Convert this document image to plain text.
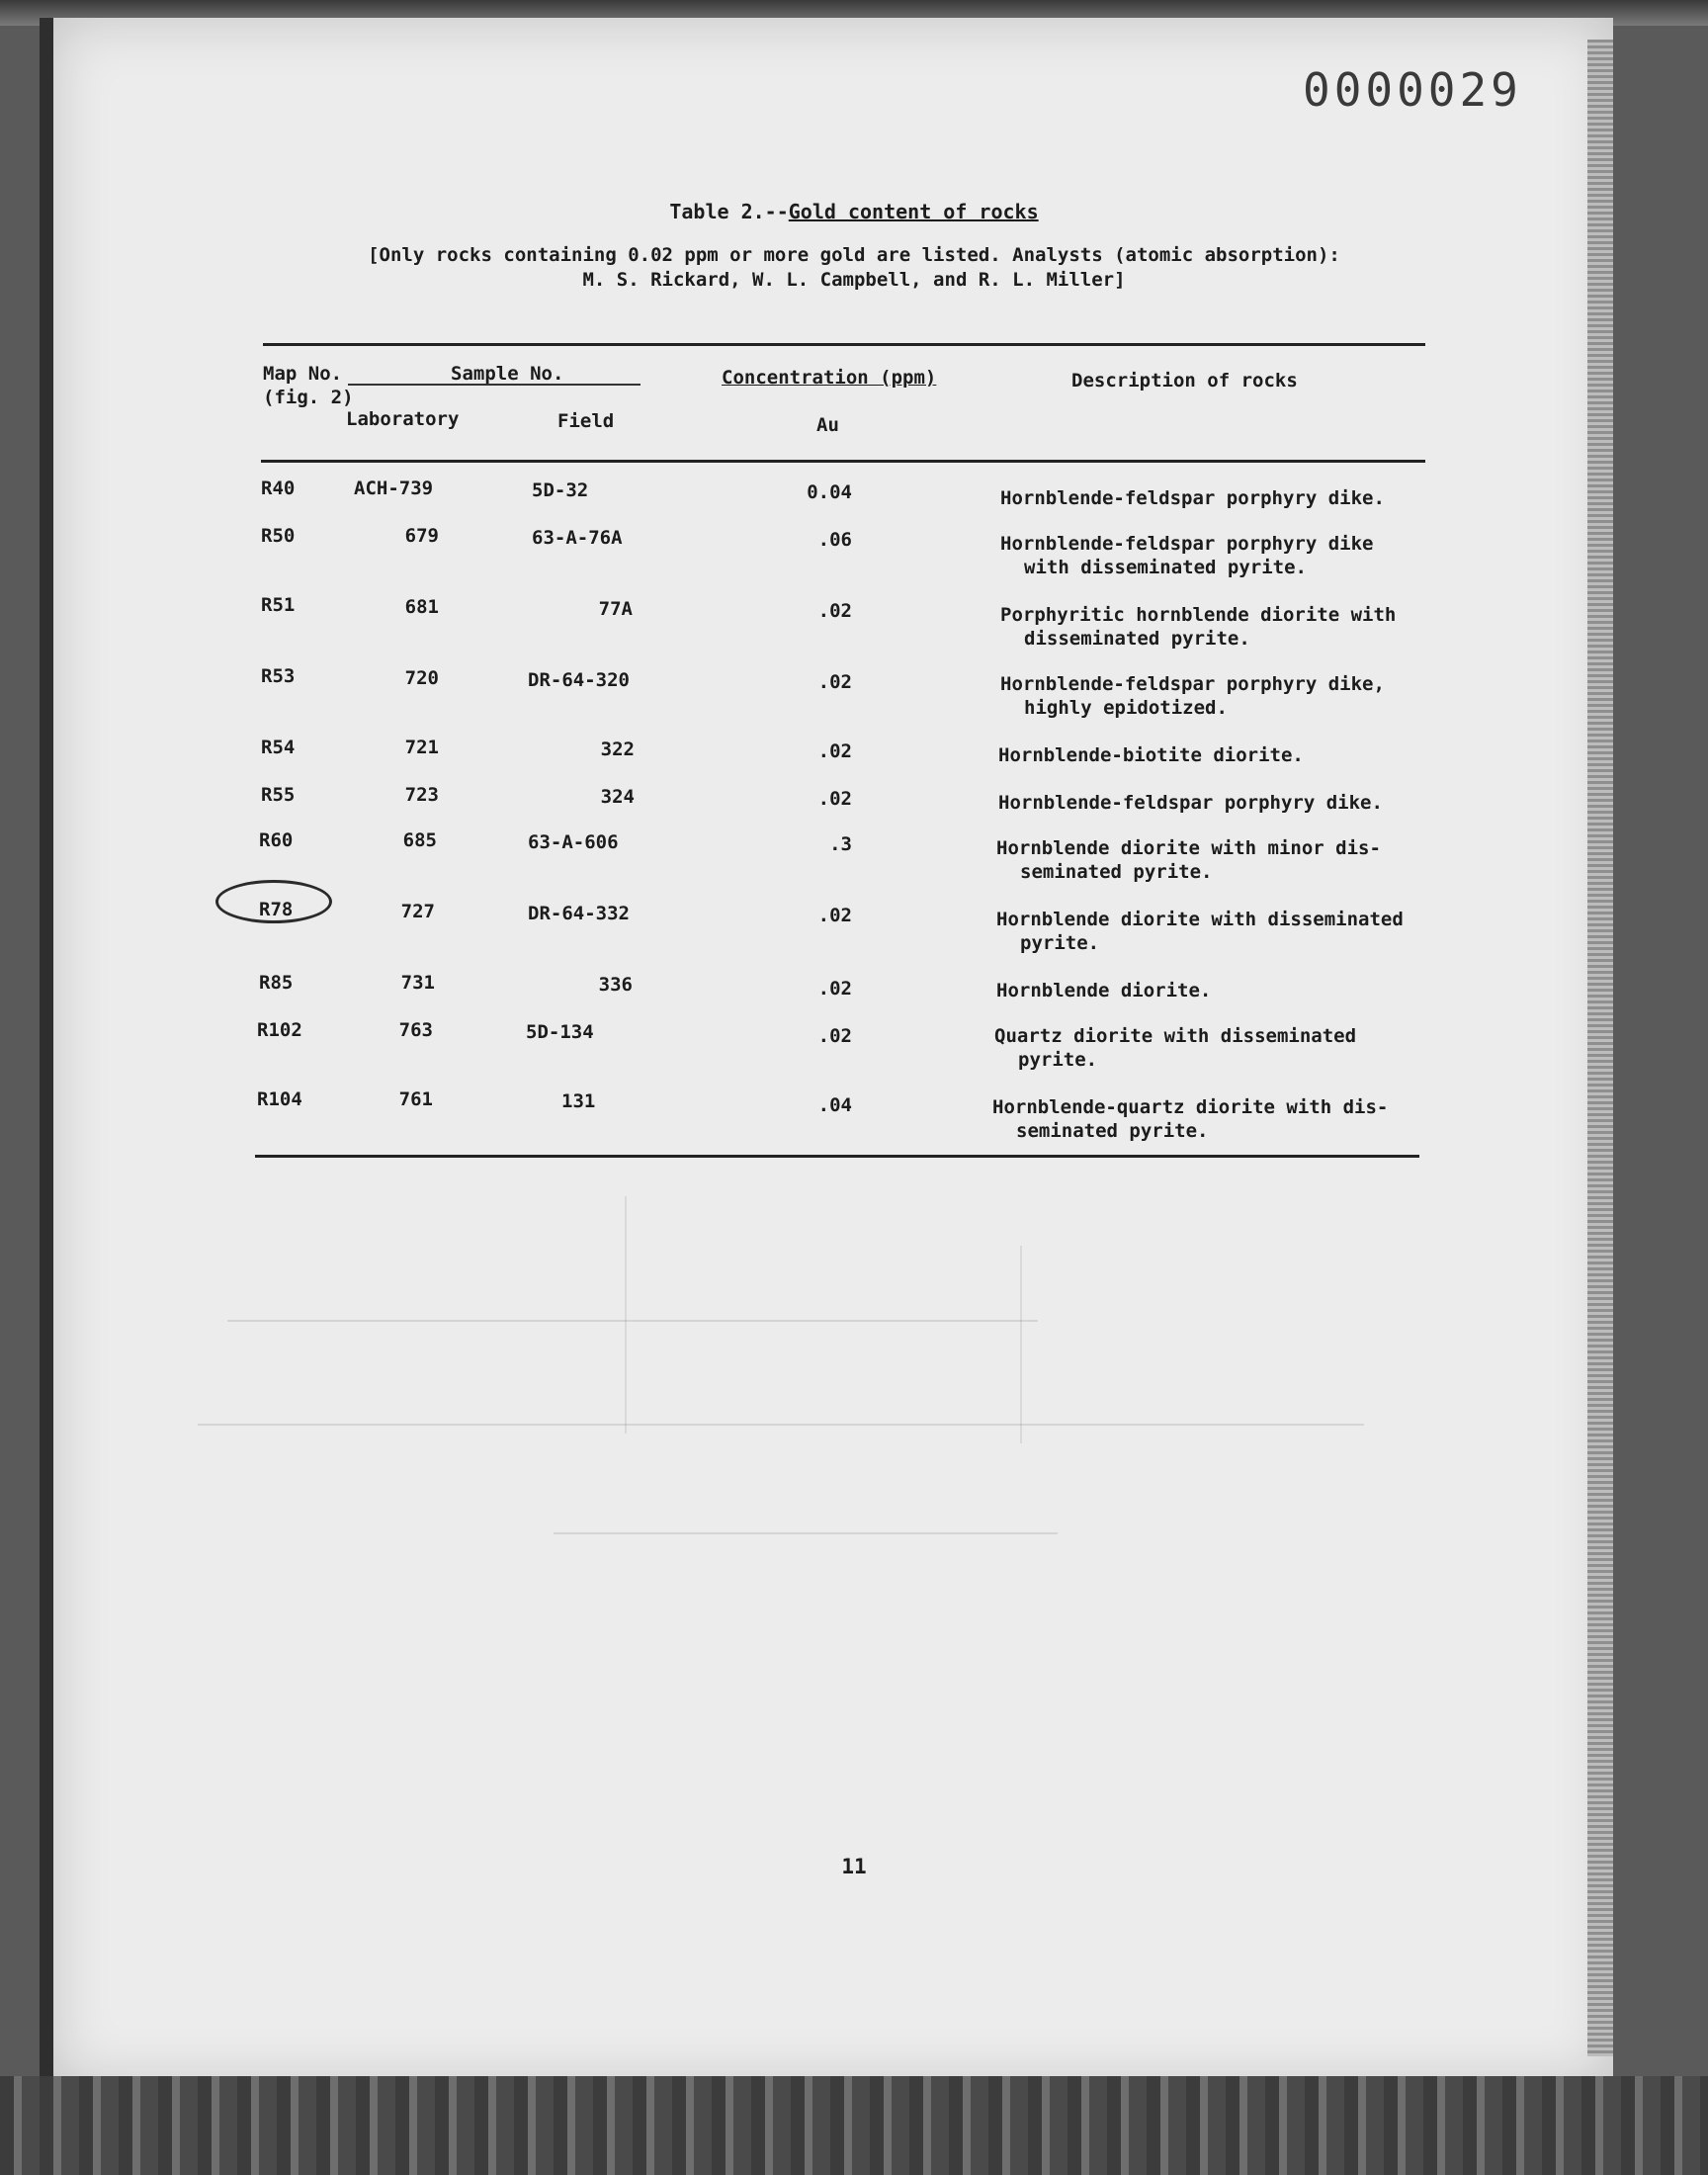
0000029
Table 2.--Gold content of rocks
[Only rocks containing 0.02 ppm or more gold are listed. Analysts (atomic absorption):
M. S. Rickard, W. L. Campbell, and R. L. Miller]
Map No.	Sample No.
(fig. 2)
Laboratory	Field
Concentration (ppm)
Au
Description of rocks
R40	ACH-739	5D-32	0.04	Hornblende-feldspar porphyry dike.
R50	679	63-A-76A	.06	Hornblende-feldspar porphyry dike
with disseminated pyrite.
R51	681	77A	.02	Porphyritic hornblende diorite with
disseminated pyrite.
R53	720	DR-64-320	.02	Hornblende-feldspar porphyry dike,
highly epidotized.
R54	721	322	.02	Hornblende-biotite diorite.
R55	723	324	.02	Hornblende-feldspar porphyry dike.
R60	685	63-A-606	.3	Hornblende diorite with minor dis-
seminated pyrite.
R78	727	DR-64-332	.02	Hornblende diorite with disseminated
pyrite.
R85	731	336	.02	Hornblende diorite.
R102	763	5D-134	.02	Quartz diorite with disseminated
pyrite.
R104	761	131	.04	Hornblende-quartz diorite with dis-
seminated pyrite.
11
